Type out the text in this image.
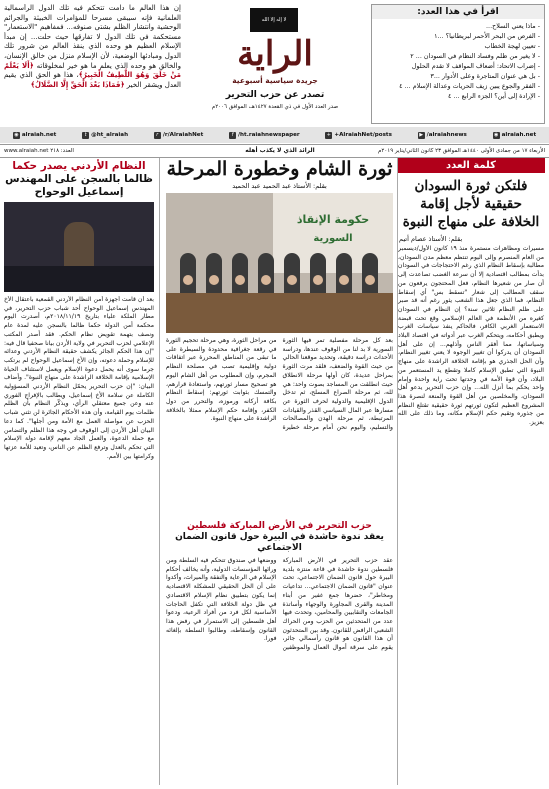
اقرأ في هذا العدد:
- ماذا يعني السلاح...
- الفرص من البحر الأحمر لبريطانيا؟ ...١
- تعيين لهجة الخطاب
- لا يغير من ظلم وفساد النظام في السودان ... ٢
- إضراب الاتحاد: أضعاف المواقف لا تقدم الحلول
- بل هي عنوان المتاجرة وعلى الأدوار ...٣
- الفقر والجوع يبين زيف الحريات وعدالة الإسلام ... ٤
- الإرادة إلى أين؟ الجزء الرابع ... ٤
لا إله إلا الله
الراية
جريدة سياسية أسبوعية
تصدر عن حزب التحرير
صدر العدد الأول في ذي القعدة ١٤٢٧هـ، الموافق ٢٠٠٦م
إن هذا العالم ما دامت تتحكم فيه تلك الدول الرأسمالية العلمانية فإنه سيبقى مسرحا للمؤامرات الخبيثة والجرائم الوحشية وانتشار الظلم بشتى صنوفه... فمفاهيم "الاستعمار" مستحكمة في تلك الدول لا تفارقها حيث حلت... إن مبدأ الإسلام العظيم هو وحده الذي ينقذ العالم من شرور تلك الدول ومبادئها الوضعية، لأن الإسلام منزل من خالق الإنسان، والخالق هو وحده الذي يعلم ما هو خير لمخلوقاته ﴿أَلَا يَعْلَمُ مَنْ خَلَقَ وَهُوَ اللَّطِيفُ الْخَبِيرُ﴾، هذا هو الحق الذي يقيم العدل ويشقر الخير ﴿فَمَاذَا بَعْدَ الْحَقِّ إِلَّا الضَّلَالُ﴾
◉ alraiah.net	t @ht_alraiah	r /r/AlraiahNet	f /ht.raiahnewspaper	+ +AlraiahNet/posts	▶ /alraiahnews	◉ alraiah.net
الأربعاء ١٧ من جمادى الأولى ١٤٤٠هـ الموافق ٢٣ كانون الثاني/يناير ٢٠١٩م
الرائد الذي لا يكذب أهله
www.alraiah.net العدد: ٢١٨
كلمة العدد
فلتكن ثورة السودان حقيقية لأجل إقامة الخلافة على منهاج النبوة
بقلم: الأستاذ عصام أتيم
مسيرات ومظاهرات مستمرة منذ ١٩ كانون الأول/ديسمبر من العام المنصرم وإلى اليوم تنتظم معظم مدن السودان، مطالبة بإسقاط النظام الذي رغم الاحتجاجات في السودان بدأت بمطالب اقتصادية إلا أن سرعة الغضب تصاعدت إلى أن صار من شعيرها النظام، فعل المحتجون يرفعون من سقف المطالب إلى شعار "تسقط بس" أي إسقاط النظام، فما الذي جعل هذا الشعب يثور رغم أنه قد صبر على ظلم النظام ثلاثين سنة؟ إن النظام في السودان كغيره من الأنظمة في العالم الإسلامي وقع تحت قبضة الاستعمار الغربي الكافر، فالحاكم ينفذ سياسات الغرب ويطبق أحكامه، ويتحكم الغرب عبر أدواته في اقتصاد البلاد وسياساتها، مما أفقر الناس وأذلهم... إن على أهل السودان أن يدركوا أن تغيير الوجوه لا يعني تغيير النظام، وأن الحل الجذري هو بإقامة الخلافة الراشدة على منهاج النبوة التي تطبق الإسلام كاملا وتقطع يد المستعمر من البلاد، وأن قوة الأمة في وحدتها تحت راية واحدة وإمام واحد يحكم بما أنزل الله... وإن حزب التحرير يدعو أهل السودان، والمخلصين من أهل القوة والمنعة لنصرة هذا المشروع العظيم لتكون ثورتهم ثورة حقيقية تقتلع النظام من جذوره وتقيم حكم الإسلام مكانه، وما ذلك على الله بعزيز.
ثورة الشام وخطورة المرحلة
بقلم: الأستاذ عبد الحميد عبد الحميد
حكومة الإنقاذ
السورية
بعد كل مرحلة مفصلية تمر فيها الثورة السورية لا بد لنا من الوقوف عندها، ودراسة الأحداث دراسة دقيقة، وتحديد موقعنا الحالي من حيث القوة والضعف، فلقد مرت الثورة بمراحل عديدة، كان أولها مرحلة الانطلاق حيث انطلقت من المساجد بصوت واحد: هي لله، ثم مرحلة الصراع المسلح، ثم تدخل الدول الإقليمية والدولية لحرف الثورة عن مسارها عبر المال السياسي القذر والقيادات المرتبطة، ثم مرحلة الهدن والمصالحات والتسليم، واليوم نحن أمام مرحلة خطيرة من مراحل الثورة، وهي مرحلة تحجيم الثورة في رقعة جغرافية محدودة والسيطرة على ما تبقى من المناطق المحررة عبر اتفاقات دولية وإقليمية تصب في مصلحة النظام المجرم، وإن المطلوب من أهل الشام اليوم هو تصحيح مسار ثورتهم، واستعادة قرارهم، والتمسك بثوابت ثورتهم: إسقاط النظام بكافة أركانه ورموزه، والتحرر من دول الكفر، وإقامة حكم الإسلام ممثلا بالخلافة الراشدة على منهاج النبوة.
حزب التحرير في الأرض المباركة فلسطين
يعقد ندوة حاشدة في البيرة حول قانون الضمان الاجتماعي
عقد حزب التحرير في الأرض المباركة فلسطين ندوة حاشدة في قاعة منتزه بلدية البيرة حول قانون الضمان الاجتماعي، تحت عنوان "قانون الضمان الاجتماعي... تداعيات ومخاطر"، حضرها جمع غفير من أبناء المدينة والقرى المجاورة والوجهاء وأساتذة الجامعات والنقابيين والمحامين، وتحدث فيها عدد من المتحدثين من الحزب ومن الحراك الشعبي الرافض للقانون. وقد بين المتحدثون أن هذا القانون هو قانون رأسمالي جائر، يقوم على سرقة أموال العمال والموظفين ووضعها في صندوق تتحكم فيه السلطة ومن ورائها المؤسسات الدولية، وأنه يخالف أحكام الإسلام في الرعاية والنفقة والميراث، وأكدوا على أن الحل الحقيقي للمشكلة الاقتصادية إنما يكون بتطبيق نظام الإسلام الاقتصادي في ظل دولة الخلافة التي تكفل الحاجات الأساسية لكل فرد من أفراد الرعية، ودعوا أهل فلسطين إلى الاستمرار في رفض هذا القانون وإسقاطه، وطالبوا السلطة بإلغائه فورا.
النظام الأردني يصدر حكما
ظالما بالسجن على المهندس إسماعيل الوحواح
بعد أن قامت أجهزة أمن النظام الأردني القمعية باعتقال الأخ المهندس إسماعيل الوحواح أحد شباب حزب التحرير، في مطار الملكة علياء بتاريخ ٢٠١٨/١١/١٩م، أصدرت اليوم محكمة أمن الدولة حكما ظالما بالسجن عليه لمدة عام ونصف بتهمة تقويض نظام الحكم. فقد أصدر المكتب الإعلامي لحزب التحرير في ولاية الأردن بيانا صحفيا قال فيه: "إن هذا الحكم الجائر يكشف حقيقة النظام الأردني وعدائه للإسلام وحملة دعوته، وإن الأخ إسماعيل الوحواح لم يرتكب جرما سوى أنه يحمل دعوة الإسلام ويعمل لاستئناف الحياة الإسلامية بإقامة الخلافة الراشدة على منهاج النبوة". وأضاف البيان: "إن حزب التحرير يحمّل النظام الأردني المسؤولية الكاملة عن سلامة الأخ إسماعيل، ويطالب بالإفراج الفوري عنه وعن جميع معتقلي الرأي، ويذكّر النظام بأن الظلم ظلمات يوم القيامة، وأن هذه الأحكام الجائرة لن تثني شباب الحزب عن مواصلة العمل مع الأمة ومن أجلها". كما دعا البيان أهل الأردن إلى الوقوف في وجه هذا الظلم والتضامن مع حملة الدعوة، والعمل الجاد معهم لإقامة دولة الإسلام التي تحكم بالعدل وترفع الظلم عن الناس، وتعيد للأمة عزتها وكرامتها بين الأمم.
